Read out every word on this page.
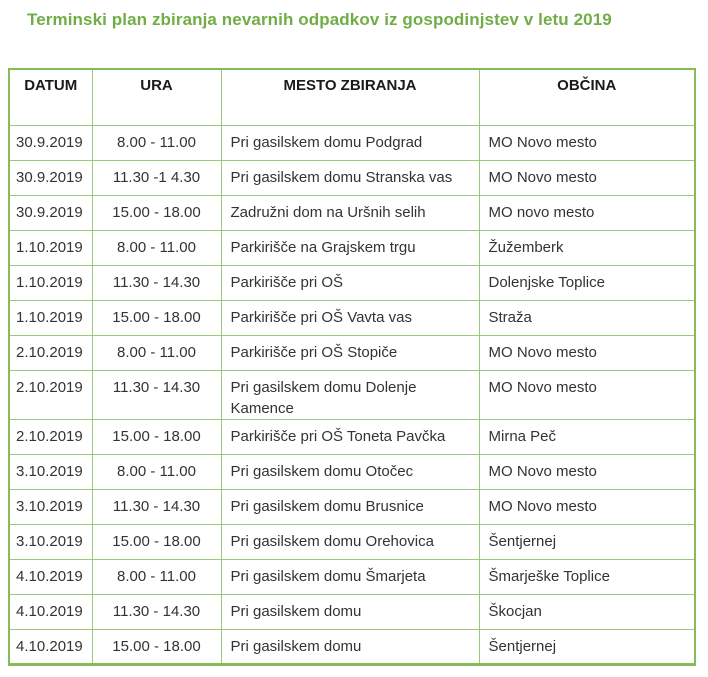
Terminski plan zbiranja nevarnih odpadkov iz gospodinjstev v letu 2019
DATUM	URA	MESTO ZBIRANJA	OBČINA
30.9.2019	8.00 - 11.00	Pri gasilskem domu Podgrad	MO Novo mesto
30.9.2019	11.30 -1 4.30	Pri gasilskem domu Stranska vas	MO Novo mesto
30.9.2019	15.00 - 18.00	Zadružni dom na Uršnih selih	MO novo mesto
1.10.2019	8.00 - 11.00	Parkirišče na Grajskem trgu	Žužemberk
1.10.2019	11.30 - 14.30	Parkirišče pri OŠ	Dolenjske Toplice
1.10.2019	15.00 - 18.00	Parkirišče pri OŠ Vavta vas	Straža
2.10.2019	8.00 - 11.00	Parkirišče pri OŠ Stopiče	MO Novo mesto
2.10.2019	11.30 - 14.30	Pri gasilskem domu Dolenje Kamence	MO Novo mesto
2.10.2019	15.00 - 18.00	Parkirišče pri OŠ Toneta Pavčka	Mirna Peč
3.10.2019	8.00 - 11.00	Pri gasilskem domu Otočec	MO Novo mesto
3.10.2019	11.30 - 14.30	Pri gasilskem domu Brusnice	MO Novo mesto
3.10.2019	15.00 - 18.00	Pri gasilskem domu Orehovica	Šentjernej
4.10.2019	8.00 - 11.00	Pri gasilskem domu Šmarjeta	Šmarješke Toplice
4.10.2019	11.30 - 14.30	Pri gasilskem domu	Škocjan
4.10.2019	15.00 - 18.00	Pri gasilskem domu	Šentjernej
